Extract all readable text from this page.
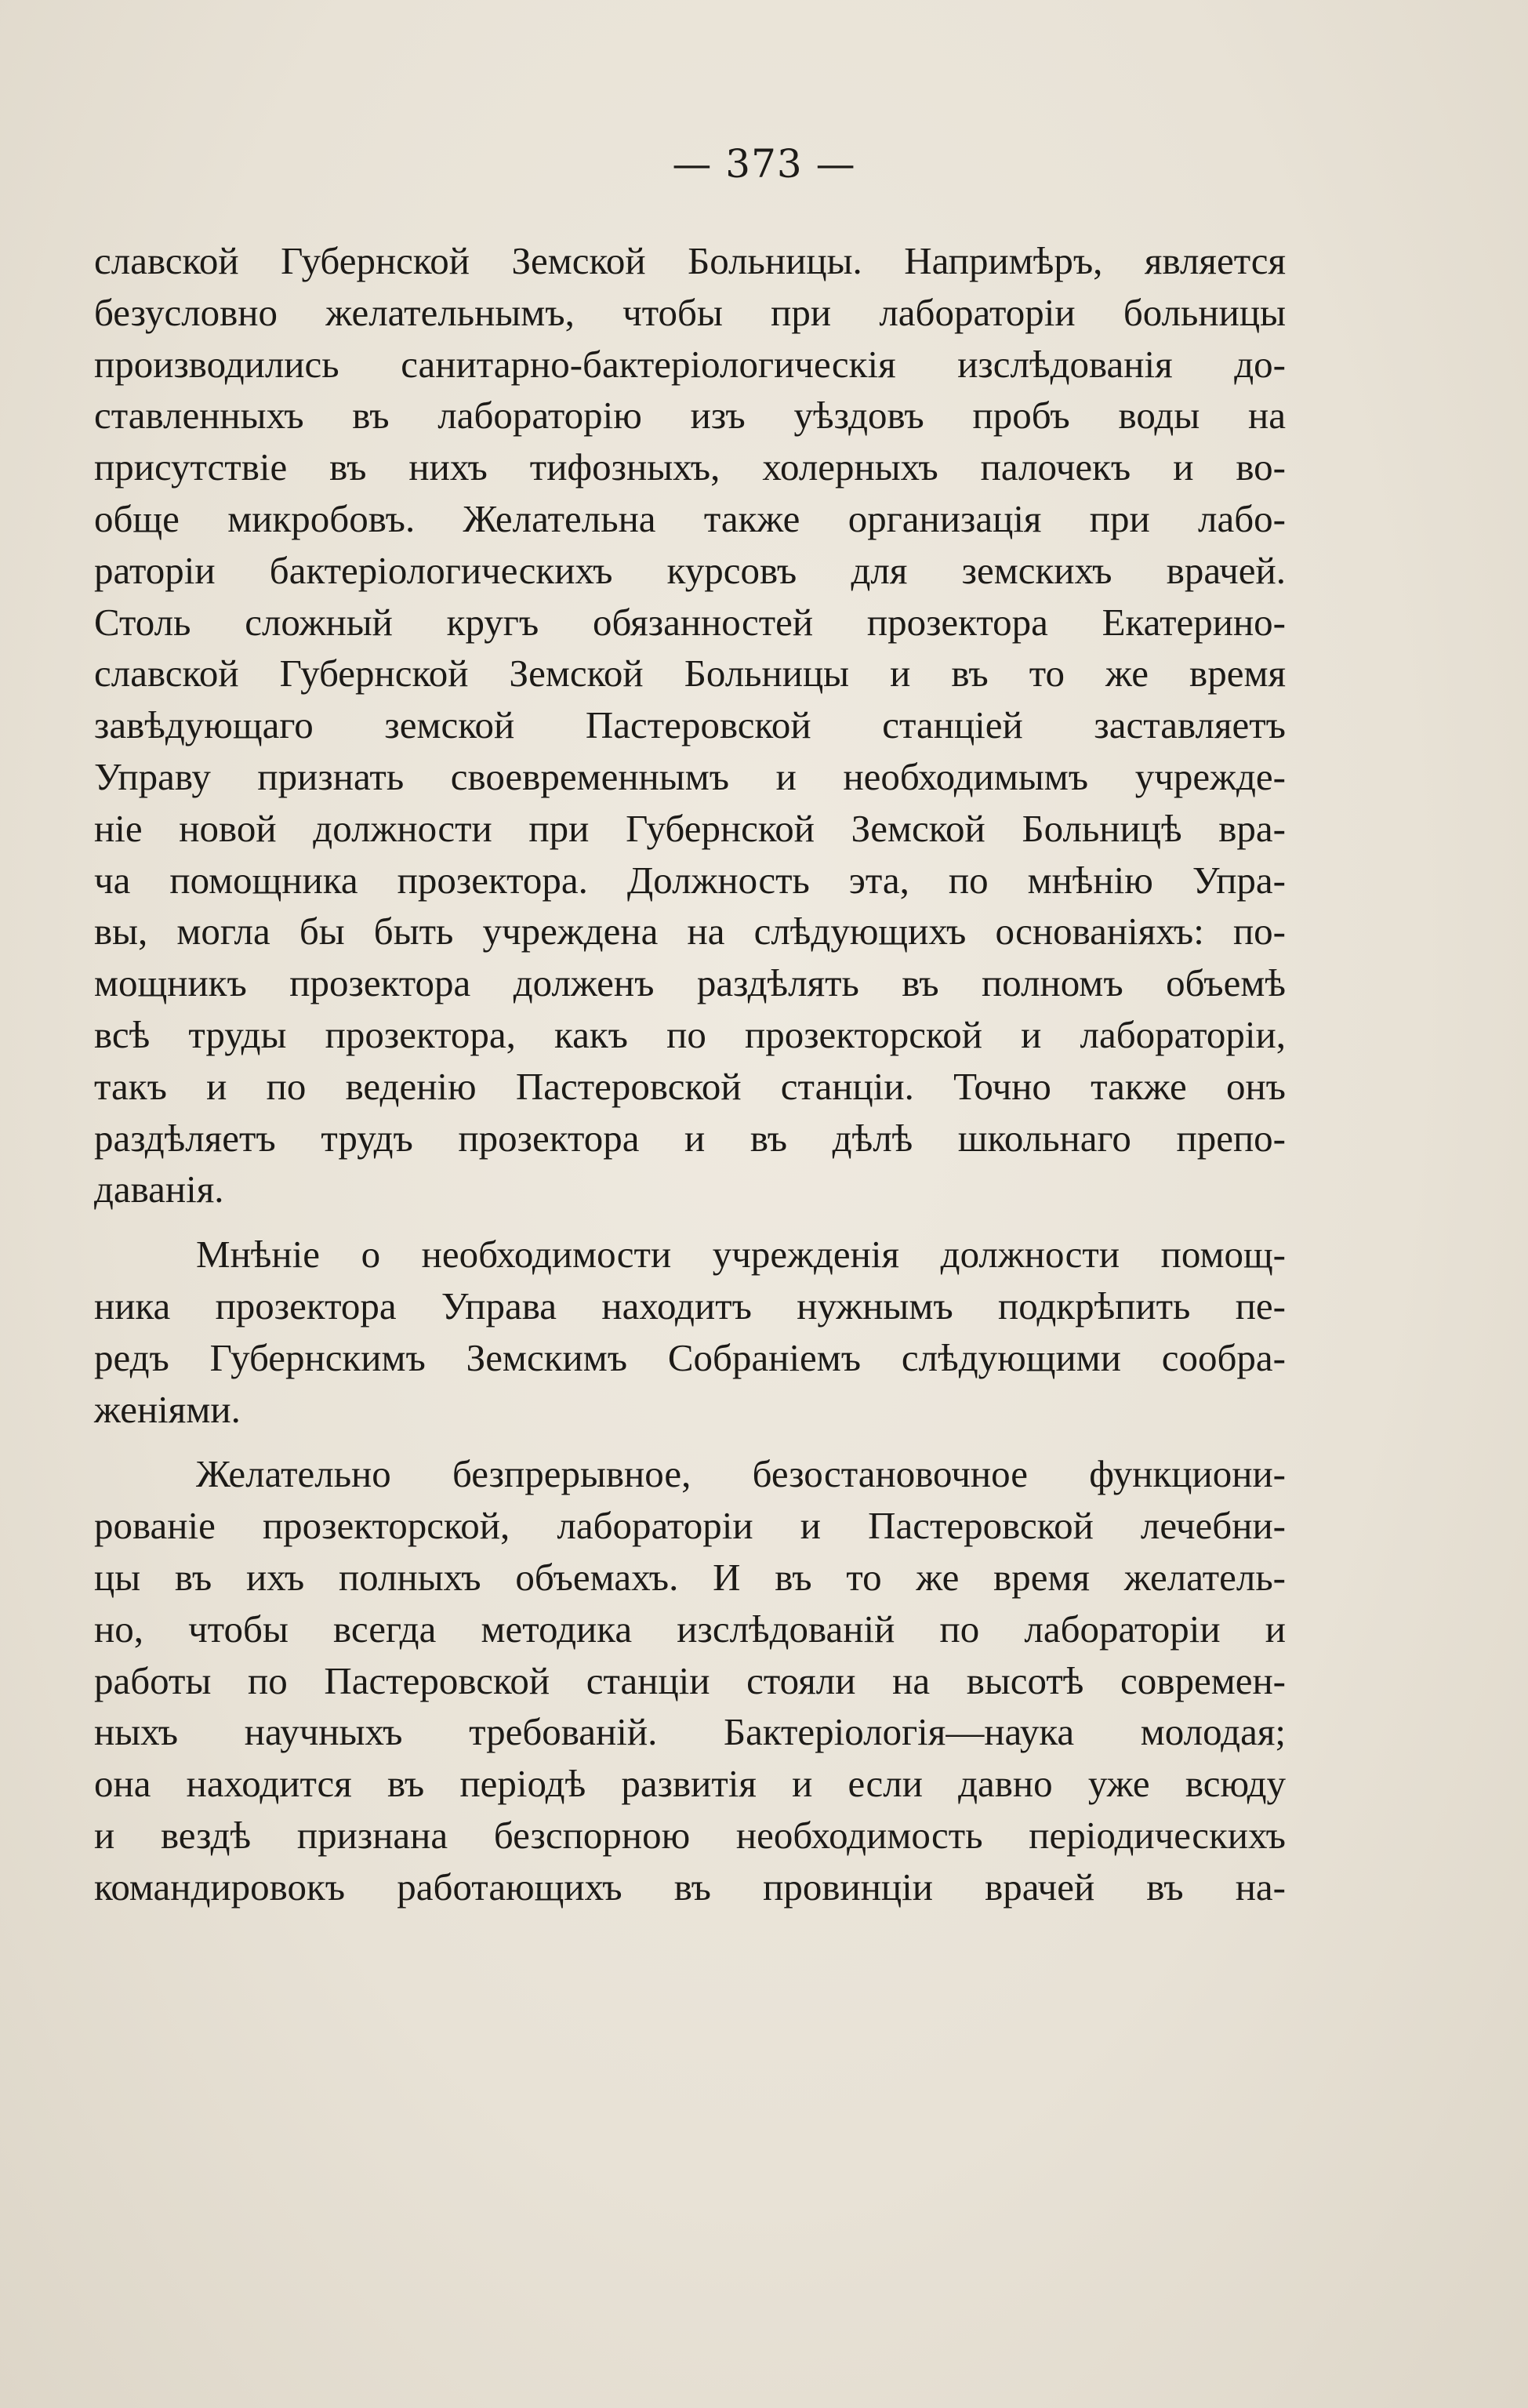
— 373 —
славской Губернской Земской Больницы. Напримѣръ, является
безусловно желательнымъ, чтобы при лабораторіи больницы
производились санитарно-бактеріологическія изслѣдованія до-
ставленныхъ въ лабораторію изъ уѣздовъ пробъ воды на
присутствіе въ нихъ тифозныхъ, холерныхъ палочекъ и во-
обще микробовъ. Желательна также организація при лабо-
раторіи бактеріологическихъ курсовъ для земскихъ врачей.
Столь сложный кругъ обязанностей прозектора Екатерино-
славской Губернской Земской Больницы и въ то же время
завѣдующаго земской Пастеровской станціей заставляетъ
Управу признать своевременнымъ и необходимымъ учрежде-
ніе новой должности при Губернской Земской Больницѣ вра-
ча помощника прозектора. Должность эта, по мнѣнію Упра-
вы, могла бы быть учреждена на слѣдующихъ основаніяхъ: по-
мощникъ прозектора долженъ раздѣлять въ полномъ объемѣ
всѣ труды прозектора, какъ по прозекторской и лабораторіи,
такъ и по веденію Пастеровской станціи. Точно также онъ
раздѣляетъ трудъ прозектора и въ дѣлѣ школьнаго препо-
даванія.
Мнѣніе о необходимости учрежденія должности помощ-
ника прозектора Управа находитъ нужнымъ подкрѣпить пе-
редъ Губернскимъ Земскимъ Собраніемъ слѣдующими сообра-
женіями.
Желательно безпрерывное, безостановочное функциони-
рованіе прозекторской, лабораторіи и Пастеровской лечебни-
цы въ ихъ полныхъ объемахъ. И въ то же время желатель-
но, чтобы всегда методика изслѣдованій по лабораторіи и
работы по Пастеровской станціи стояли на высотѣ современ-
ныхъ научныхъ требованій. Бактеріологія—наука молодая;
она находится въ періодѣ развитія и если давно уже всюду
и вездѣ признана безспорною необходимость періодическихъ
командировокъ работающихъ въ провинціи врачей въ на-
